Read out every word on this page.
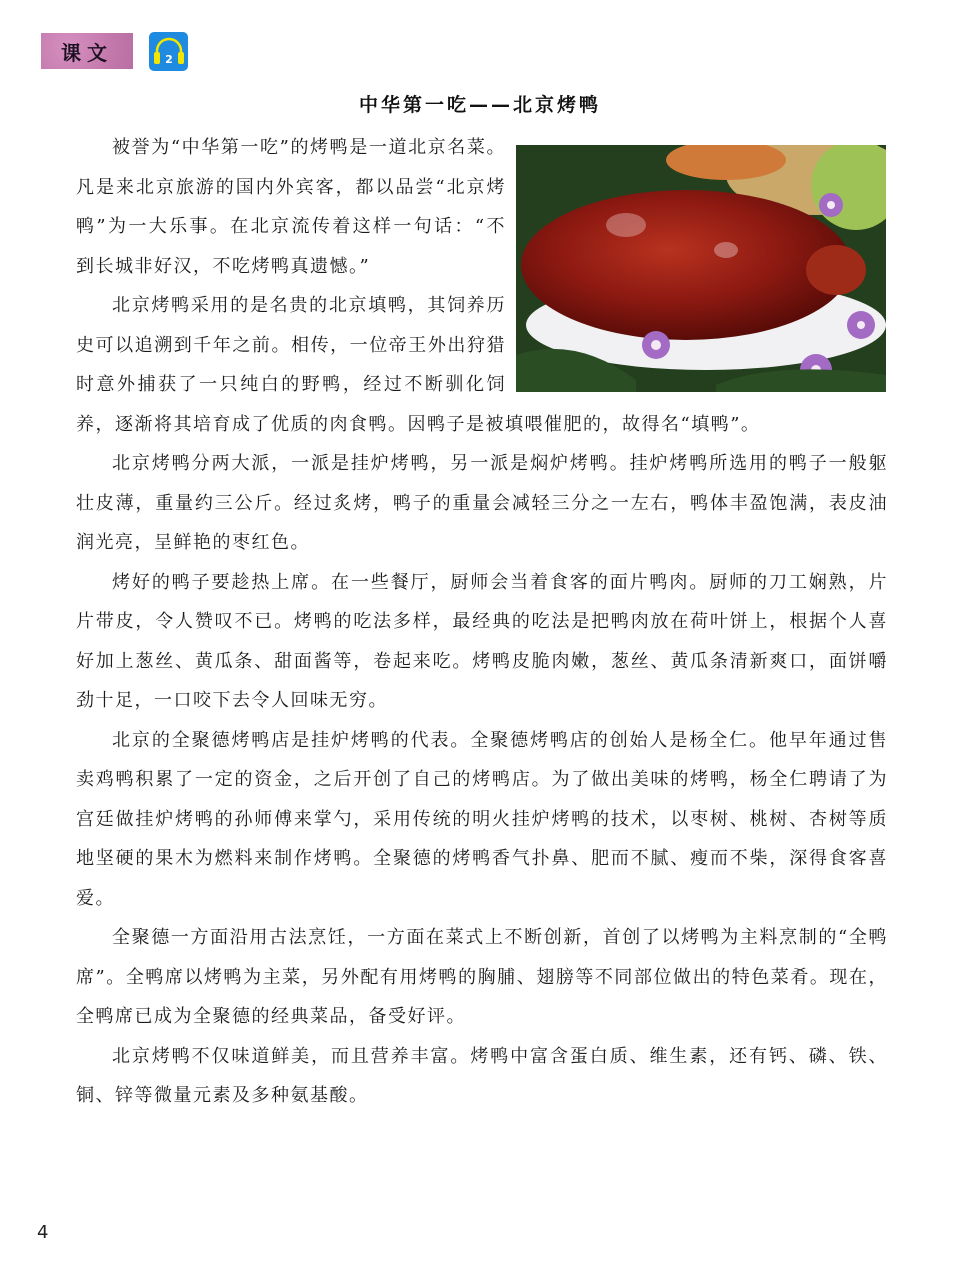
课文	2
中华第一吃——北京烤鸭

被誉为“中华第一吃”的烤鸭是一道北京名菜。凡是来北京旅游的国内外宾客，都以品尝“北京烤鸭”为一大乐事。在北京流传着这样一句话：“不到长城非好汉，不吃烤鸭真遗憾。”

北京烤鸭采用的是名贵的北京填鸭，其饲养历史可以追溯到千年之前。相传，一位帝王外出狩猎时意外捕获了一只纯白的野鸭，经过不断驯化饲养，逐渐将其培育成了优质的肉食鸭。因鸭子是被填喂催肥的，故得名“填鸭”。

北京烤鸭分两大派，一派是挂炉烤鸭，另一派是焖炉烤鸭。挂炉烤鸭所选用的鸭子一般躯壮皮薄，重量约三公斤。经过炙烤，鸭子的重量会减轻三分之一左右，鸭体丰盈饱满，表皮油润光亮，呈鲜艳的枣红色。

烤好的鸭子要趁热上席。在一些餐厅，厨师会当着食客的面片鸭肉。厨师的刀工娴熟，片片带皮，令人赞叹不已。烤鸭的吃法多样，最经典的吃法是把鸭肉放在荷叶饼上，根据个人喜好加上葱丝、黄瓜条、甜面酱等，卷起来吃。烤鸭皮脆肉嫩，葱丝、黄瓜条清新爽口，面饼嚼劲十足，一口咬下去令人回味无穷。

北京的全聚德烤鸭店是挂炉烤鸭的代表。全聚德烤鸭店的创始人是杨全仁。他早年通过售卖鸡鸭积累了一定的资金，之后开创了自己的烤鸭店。为了做出美味的烤鸭，杨全仁聘请了为宫廷做挂炉烤鸭的孙师傅来掌勺，采用传统的明火挂炉烤鸭的技术，以枣树、桃树、杏树等质地坚硬的果木为燃料来制作烤鸭。全聚德的烤鸭香气扑鼻、肥而不腻、瘦而不柴，深得食客喜爱。

全聚德一方面沿用古法烹饪，一方面在菜式上不断创新，首创了以烤鸭为主料烹制的“全鸭席”。全鸭席以烤鸭为主菜，另外配有用烤鸭的胸脯、翅膀等不同部位做出的特色菜肴。现在，全鸭席已成为全聚德的经典菜品，备受好评。

北京烤鸭不仅味道鲜美，而且营养丰富。烤鸭中富含蛋白质、维生素，还有钙、磷、铁、铜、锌等微量元素及多种氨基酸。

4
